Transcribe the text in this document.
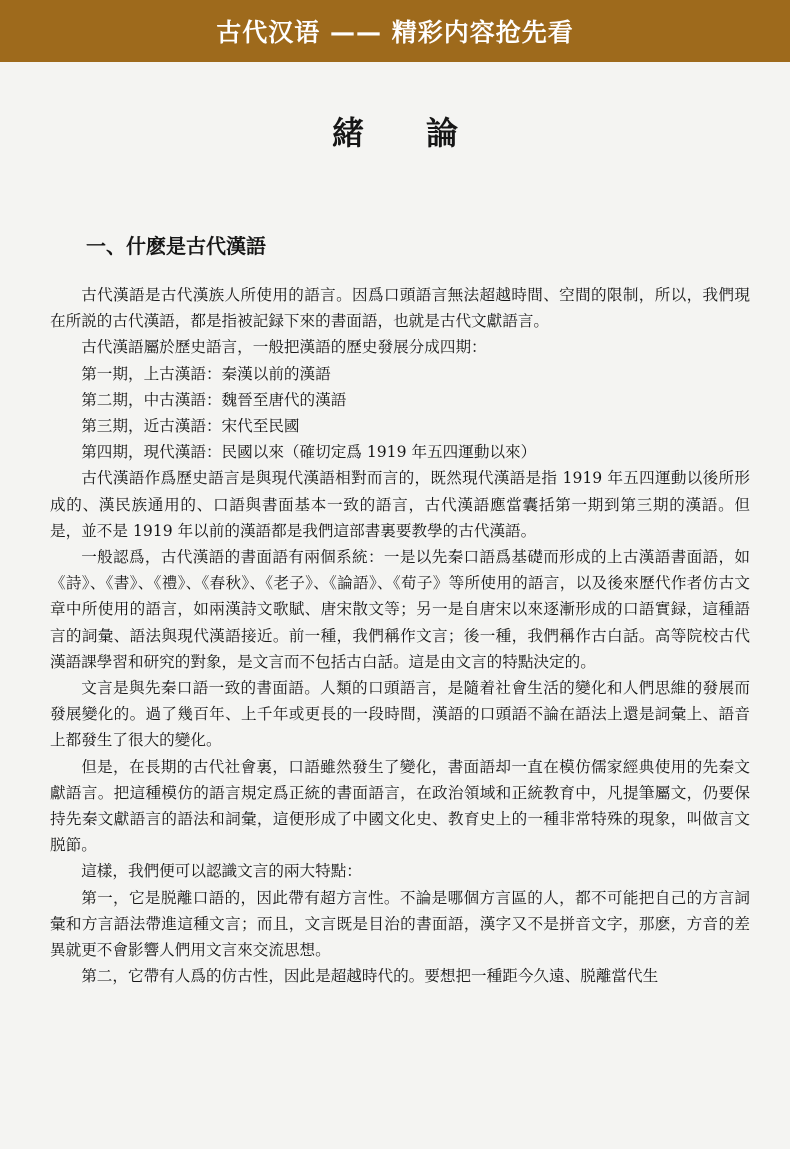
古代汉语 —— 精彩内容抢先看
緒論
一、什麽是古代漢語

古代漢語是古代漢族人所使用的語言。因爲口頭語言無法超越時間、空間的限制，所以，我們現在所説的古代漢語，都是指被記録下來的書面語，也就是古代文獻語言。

古代漢語屬於歷史語言，一般把漢語的歷史發展分成四期：

第一期，上古漢語：秦漢以前的漢語

第二期，中古漢語：魏晉至唐代的漢語

第三期，近古漢語：宋代至民國

第四期，現代漢語：民國以來（確切定爲 1919 年五四運動以來）

古代漢語作爲歷史語言是與現代漢語相對而言的，既然現代漢語是指 1919 年五四運動以後所形成的、漢民族通用的、口語與書面基本一致的語言，古代漢語應當囊括第一期到第三期的漢語。但是，並不是 1919 年以前的漢語都是我們這部書裏要教學的古代漢語。

一般認爲，古代漢語的書面語有兩個系統：一是以先秦口語爲基礎而形成的上古漢語書面語，如《詩》、《書》、《禮》、《春秋》、《老子》、《論語》、《荀子》等所使用的語言，以及後來歷代作者仿古文章中所使用的語言，如兩漢詩文歌賦、唐宋散文等；另一是自唐宋以來逐漸形成的口語實録，這種語言的詞彙、語法與現代漢語接近。前一種，我們稱作文言；後一種，我們稱作古白話。高等院校古代漢語課學習和研究的對象，是文言而不包括古白話。這是由文言的特點決定的。

文言是與先秦口語一致的書面語。人類的口頭語言，是隨着社會生活的變化和人們思維的發展而發展變化的。過了幾百年、上千年或更長的一段時間，漢語的口頭語不論在語法上還是詞彙上、語音上都發生了很大的變化。

但是，在長期的古代社會裏，口語雖然發生了變化，書面語却一直在模仿儒家經典使用的先秦文獻語言。把這種模仿的語言規定爲正統的書面語言，在政治領域和正統教育中，凡提筆屬文，仍要保持先秦文獻語言的語法和詞彙，這便形成了中國文化史、教育史上的一種非常特殊的現象，叫做言文脱節。

這樣，我們便可以認識文言的兩大特點：

第一，它是脱離口語的，因此帶有超方言性。不論是哪個方言區的人，都不可能把自己的方言詞彙和方言語法帶進這種文言；而且，文言既是目治的書面語，漢字又不是拼音文字，那麽，方音的差異就更不會影響人們用文言來交流思想。

第二，它帶有人爲的仿古性，因此是超越時代的。要想把一種距今久遠、脱離當代生
